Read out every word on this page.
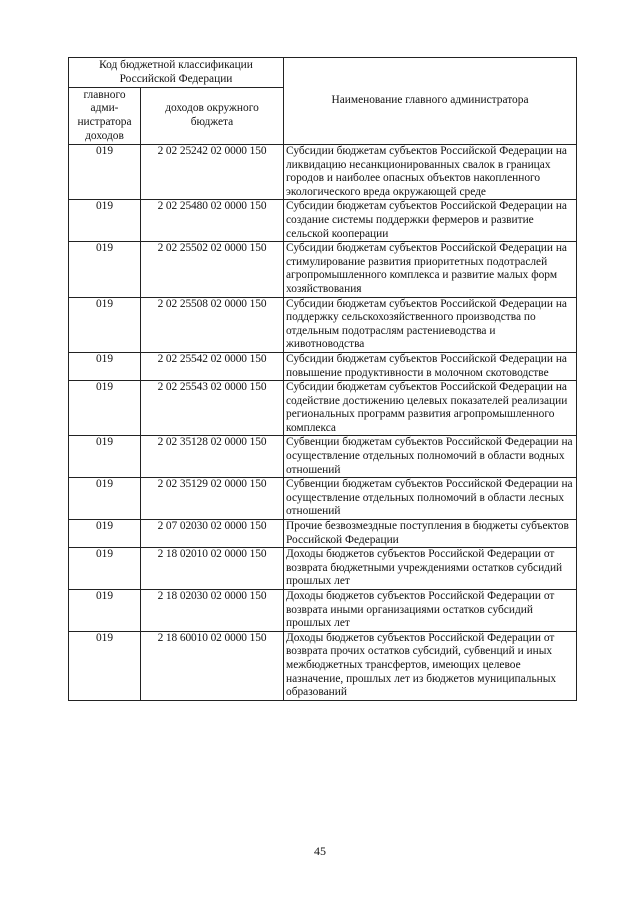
Код бюджетной классификации Российской Федерации		Наименование главного администратора
главного адми-нистратора доходов	доходов окружного бюджета	
019	2 02 25242 02 0000 150	Субсидии бюджетам субъектов Российской Федерации на ликвидацию несанкционированных свалок в границах городов и наиболее опасных объектов накопленного экологического вреда окружающей среде
019	2 02 25480 02 0000 150	Субсидии бюджетам субъектов Российской Федерации на создание системы поддержки фермеров и развитие сельской кооперации
019	2 02 25502 02 0000 150	Субсидии бюджетам субъектов Российской Федерации на стимулирование развития приоритетных подотраслей агропромышленного комплекса и развитие малых форм хозяйствования
019	2 02 25508 02 0000 150	Субсидии бюджетам субъектов Российской Федерации на поддержку сельскохозяйственного производства по отдельным подотраслям растениеводства и животноводства
019	2 02 25542 02 0000 150	Субсидии бюджетам субъектов Российской Федерации на повышение продуктивности в молочном скотоводстве
019	2 02 25543 02 0000 150	Субсидии бюджетам субъектов Российской Федерации на содействие достижению целевых показателей реализации региональных программ развития агропромышленного комплекса
019	2 02 35128 02 0000 150	Субвенции бюджетам субъектов Российской Федерации на осуществление отдельных полномочий в области водных отношений
019	2 02 35129 02 0000 150	Субвенции бюджетам субъектов Российской Федерации на осуществление отдельных полномочий в области лесных отношений
019	2 07 02030 02 0000 150	Прочие безвозмездные поступления в бюджеты субъектов Российской Федерации
019	2 18 02010 02 0000 150	Доходы бюджетов субъектов Российской Федерации от возврата бюджетными учреждениями остатков субсидий прошлых лет
019	2 18 02030 02 0000 150	Доходы бюджетов субъектов Российской Федерации от возврата иными организациями остатков субсидий прошлых лет
019	2 18 60010 02 0000 150	Доходы бюджетов субъектов Российской Федерации от возврата прочих остатков субсидий, субвенций и иных межбюджетных трансфертов, имеющих целевое назначение, прошлых лет из бюджетов муниципальных образований
45
